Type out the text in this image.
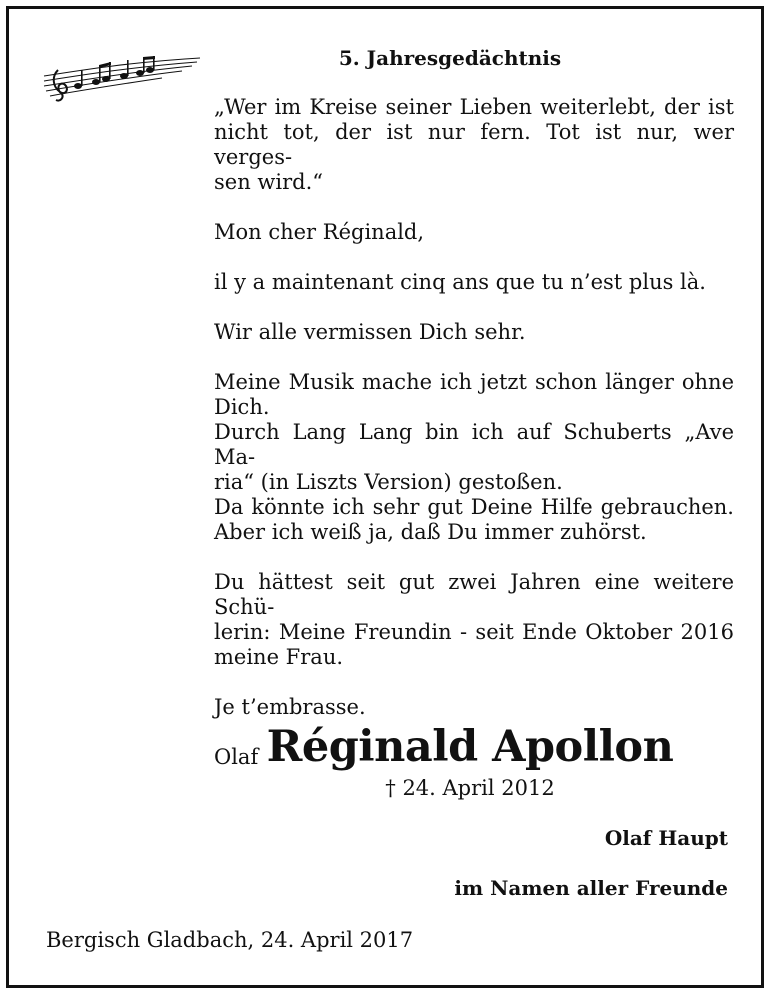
5. Jahresgedächtnis
„Wer im Kreise seiner Lieben weiterlebt, der ist
nicht tot, der ist nur fern. Tot ist nur, wer verges-
sen wird.“
Mon cher Réginald,
il y a maintenant cinq ans que tu n’est plus là.
Wir alle vermissen Dich sehr.
Meine Musik mache ich jetzt schon länger ohne
Dich.
Durch Lang Lang bin ich auf Schuberts „Ave Ma-
ria“ (in Liszts Version) gestoßen.
Da könnte ich sehr gut Deine Hilfe gebrauchen.
Aber ich weiß ja, daß Du immer zuhörst.
Du hättest seit gut zwei Jahren eine weitere Schü-
lerin: Meine Freundin - seit Ende Oktober 2016
meine Frau.
Je t’embrasse.
Olaf Réginald Apollon
† 24. April 2012
Olaf Haupt
im Namen aller Freunde
Bergisch Gladbach, 24. April 2017
